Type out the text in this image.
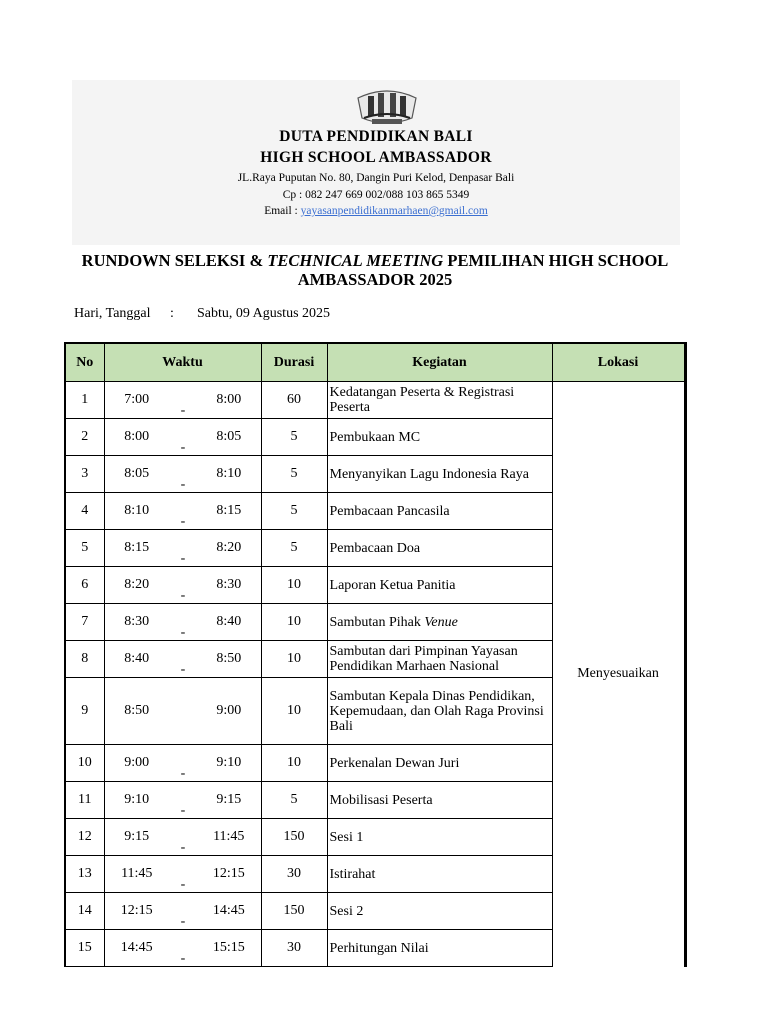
DUTA PENDIDIKAN BALI
HIGH SCHOOL AMBASSADOR
JL.Raya Puputan No. 80, Dangin Puri Kelod, Denpasar Bali
Cp : 082 247 669 002/088 103 865 5349
Email : yayasanpendidikanmarhaen@gmail.com
RUNDOWN SELEKSI & TECHNICAL MEETING PEMILIHAN HIGH SCHOOL AMBASSADOR 2025
Hari, Tanggal : Sabtu, 09 Agustus 2025
No	Waktu			Durasi	Kegiatan	Lokasi
1	7:00	-	8:00	60	Kedatangan Peserta & Registrasi Peserta	Menyesuaikan
2	8:00	-	8:05	5	Pembukaan MC	
3	8:05	-	8:10	5	Menyanyikan Lagu Indonesia Raya	
4	8:10	-	8:15	5	Pembacaan Pancasila	
5	8:15	-	8:20	5	Pembacaan Doa	
6	8:20	-	8:30	10	Laporan Ketua Panitia	
7	8:30	-	8:40	10	Sambutan Pihak Venue	
8	8:40	-	8:50	10	Sambutan dari Pimpinan Yayasan Pendidikan Marhaen Nasional	
9	8:50		9:00	10	Sambutan Kepala Dinas Pendidikan, Kepemudaan, dan Olah Raga Provinsi Bali	
10	9:00	-	9:10	10	Perkenalan Dewan Juri	
11	9:10	-	9:15	5	Mobilisasi Peserta	
12	9:15	-	11:45	150	Sesi 1	
13	11:45	-	12:15	30	Istirahat	
14	12:15	-	14:45	150	Sesi 2	
15	14:45	-	15:15	30	Perhitungan Nilai	
